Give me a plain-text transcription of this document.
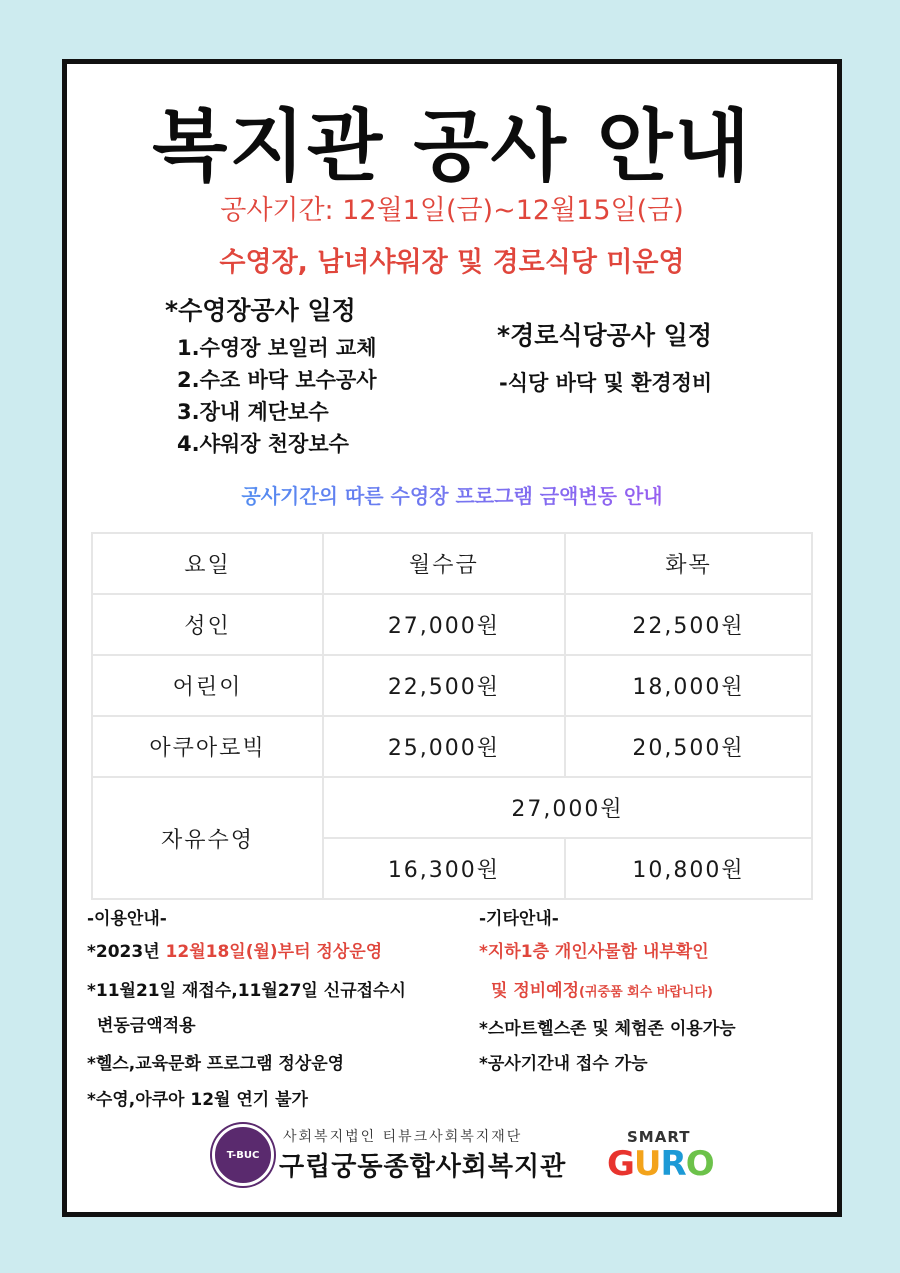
복지관 공사 안내
공사기간: 12월1일(금)~12월15일(금)
수영장, 남녀샤워장 및 경로식당 미운영
*수영장공사 일정
1.수영장 보일러 교체
2.수조 바닥 보수공사
3.장내 계단보수
4.샤워장 천장보수
*경로식당공사 일정
-식당 바닥 및 환경정비
공사기간의 따른 수영장 프로그램 금액변동 안내
요일	월수금	화목
성인	27,000원	22,500원
어린이	22,500원	18,000원
아쿠아로빅	25,000원	20,500원
자유수영	27,000원	
	16,300원	10,800원
-이용안내-
*2023년 12월18일(월)부터 정상운영
*11월21일 재접수,11월27일 신규접수시
변동금액적용
*헬스,교육문화 프로그램 정상운영
*수영,아쿠아 12월 연기 불가
-기타안내-
*지하1층 개인사물함 내부확인
및 정비예정(귀중품 회수 바랍니다)
*스마트헬스존 및 체험존 이용가능
*공사기간내 접수 가능
T-BUC
사회복지법인 티뷰크사회복지재단
구립궁동종합사회복지관
SMART
GURO
